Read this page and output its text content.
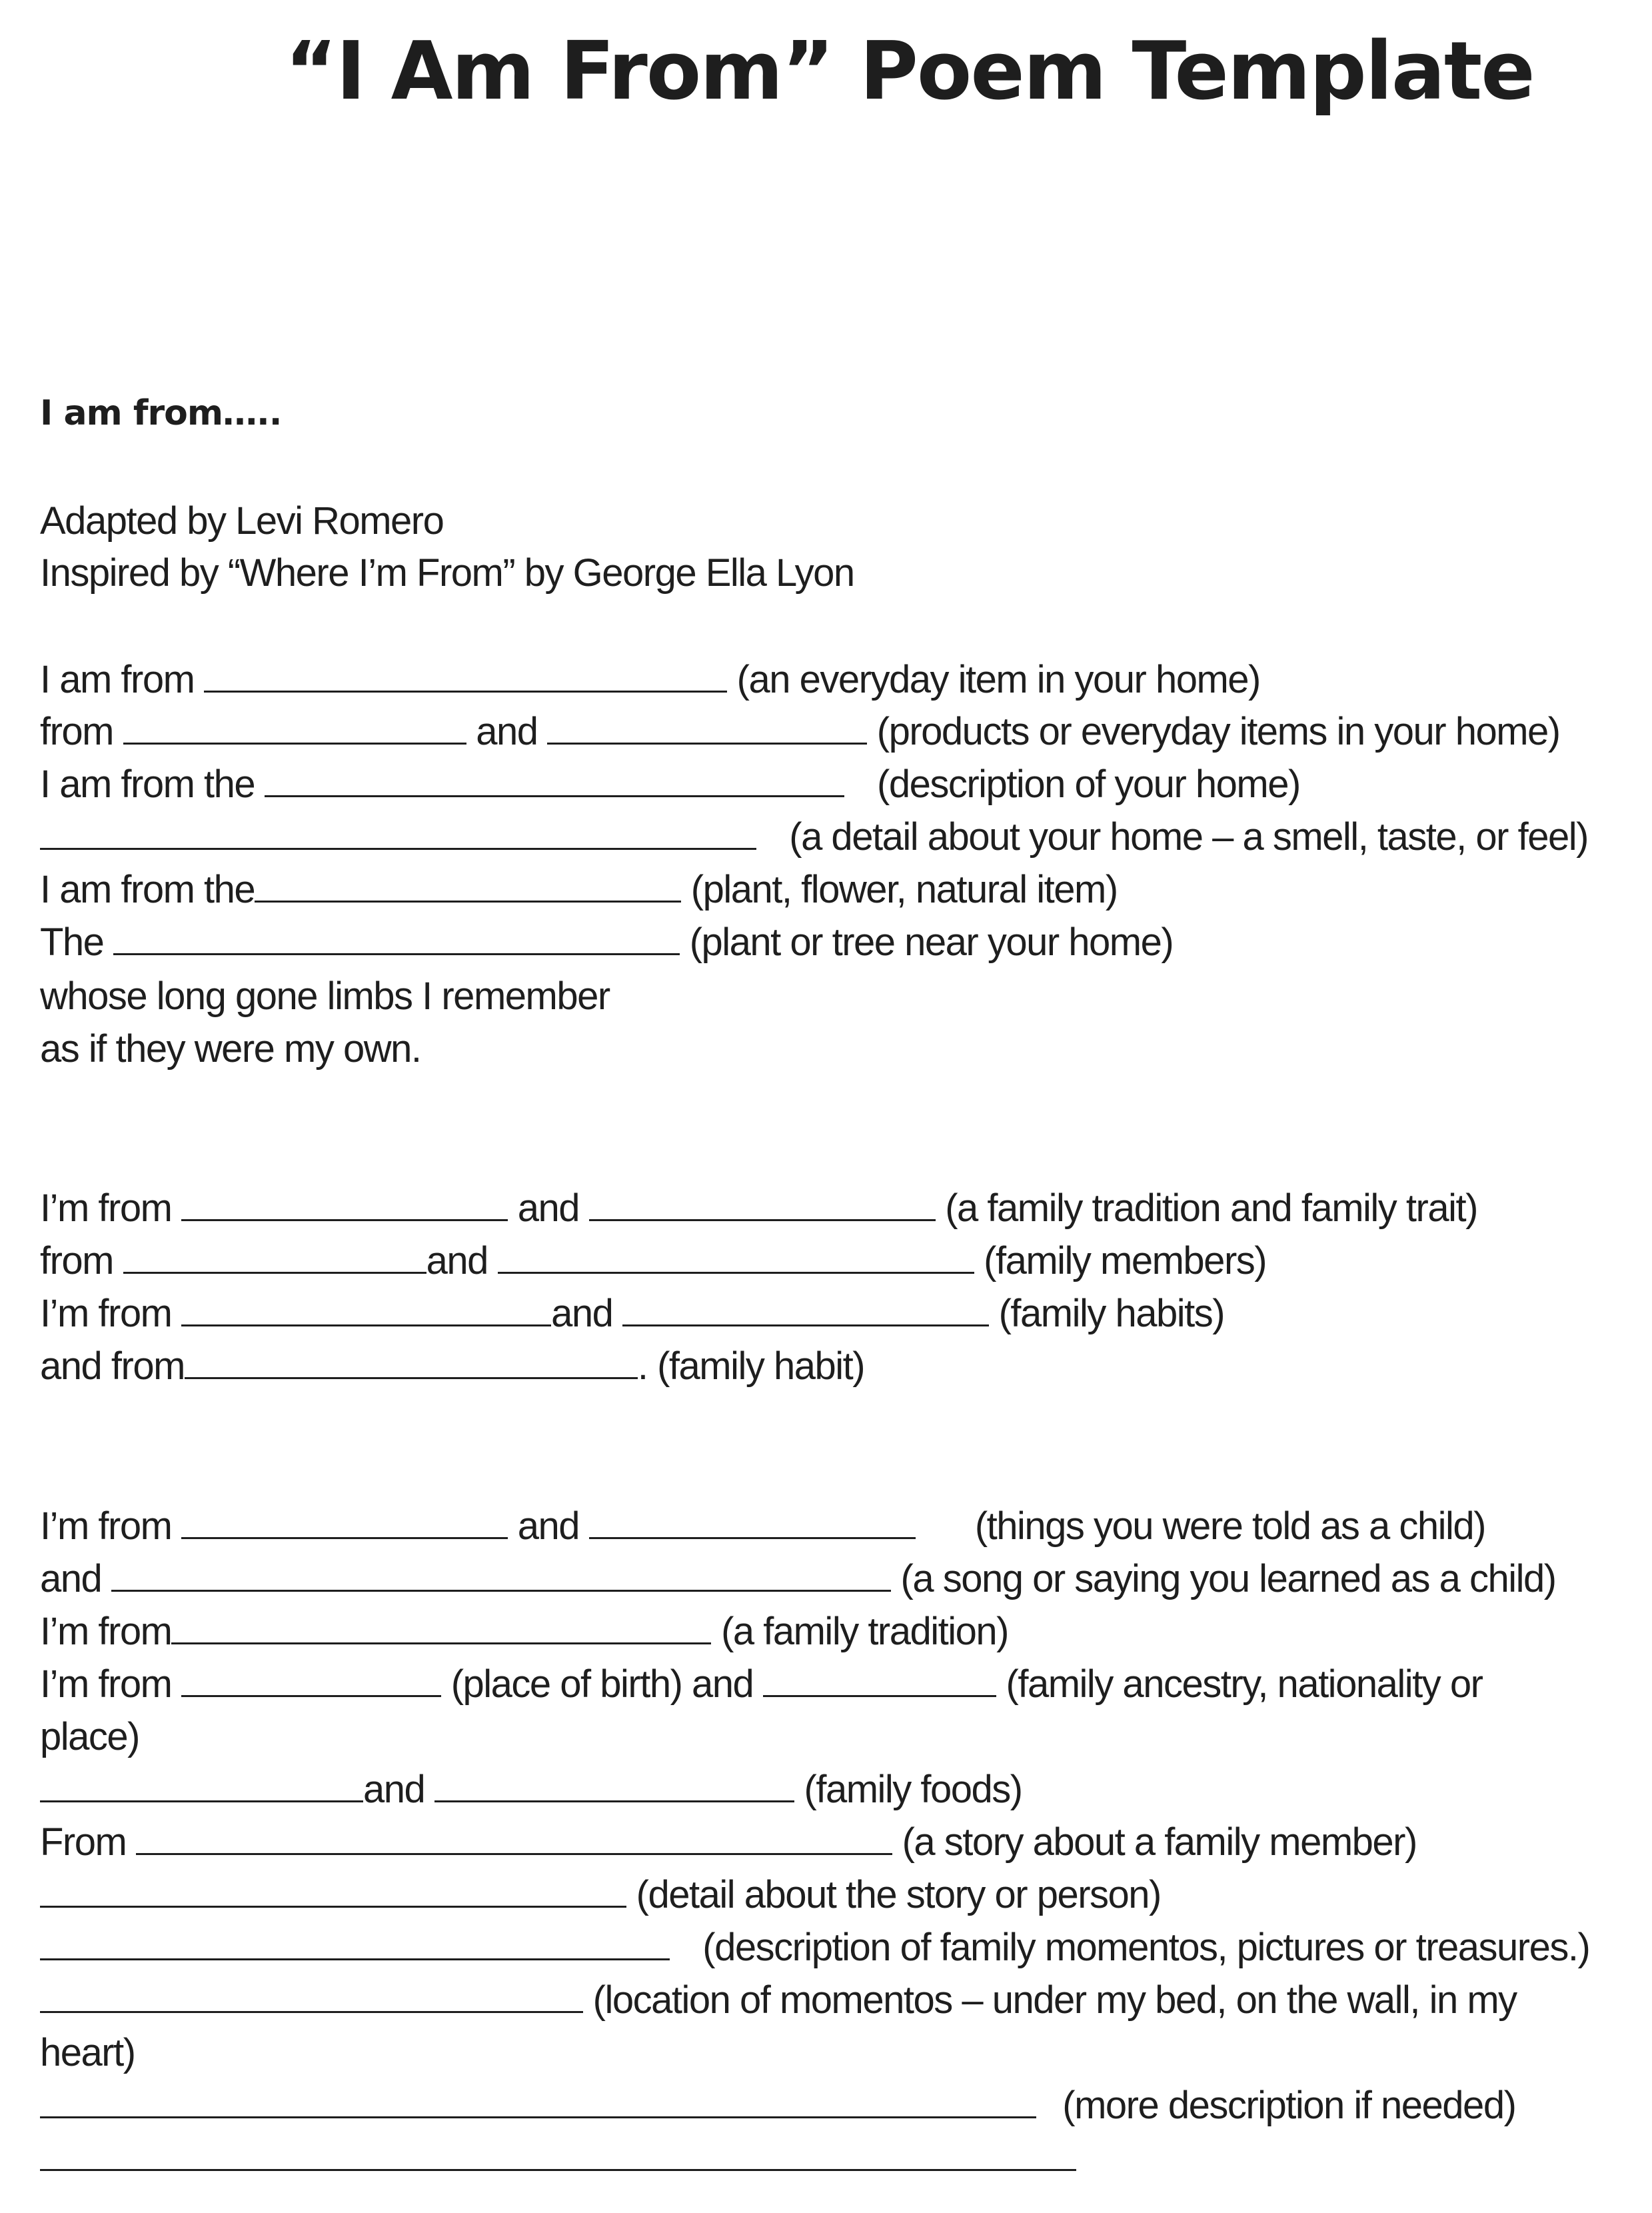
“I Am From” Poem Template
I am from…..
Adapted by Levi Romero
Inspired by “Where I’m From” by George Ella Lyon
I am from	(an everyday item in your home)
from	and	(products or everyday items in your home)
I am from the	(description of your home)
(a detail about your home – a smell, taste, or feel)
I am from the	(plant, flower, natural item)
The	(plant or tree near your home)
whose long gone limbs I remember
as if they were my own.
I’m from	and	(a family tradition and family trait)
from	and	(family members)
I’m from	and	(family habits)
and from	. (family habit)
I’m from	and	(things you were told as a child)
and	(a song or saying you learned as a child)
I’m from	(a family tradition)
I’m from	(place of birth) and	(family ancestry, nationality or
place)
and	(family foods)
From	(a story about a family member)
(detail about the story or person)
(description of family momentos, pictures or treasures.)
(location of momentos – under my bed, on the wall, in my
heart)
(more description if needed)
